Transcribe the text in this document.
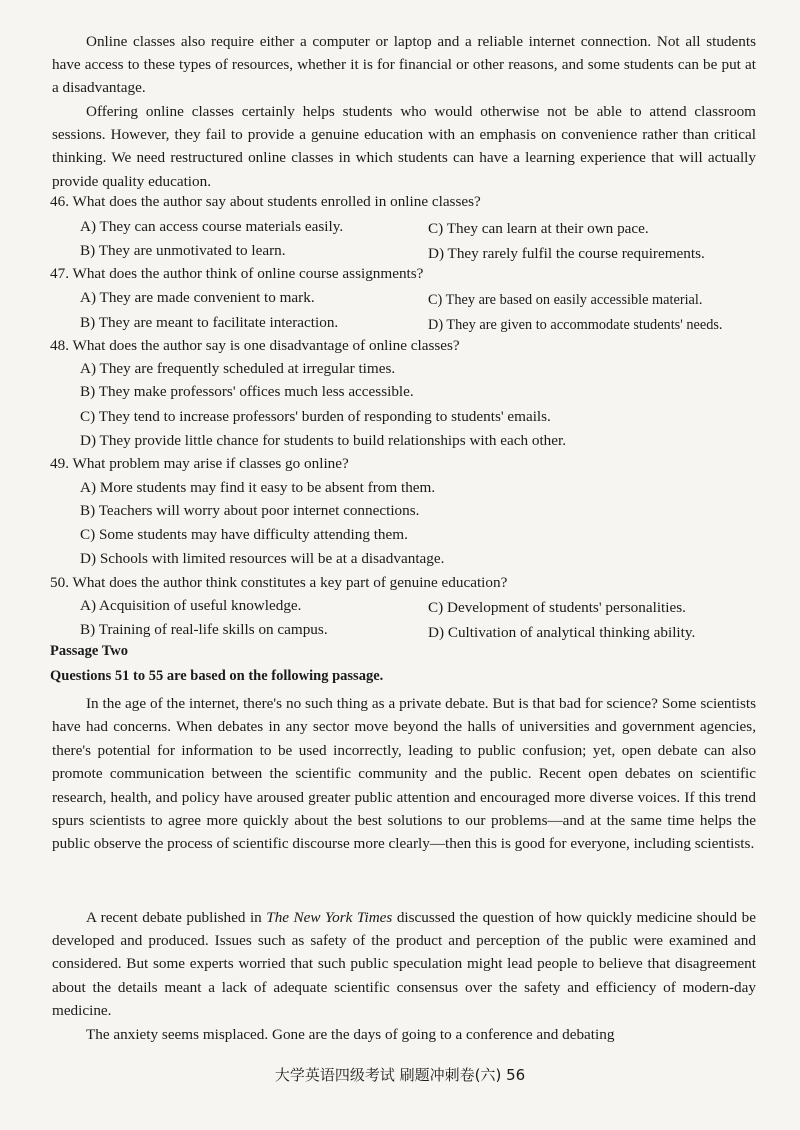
Online classes also require either a computer or laptop and a reliable internet connection. Not all students have access to these types of resources, whether it is for financial or other reasons, and some students can be put at a disadvantage.

Offering online classes certainly helps students who would otherwise not be able to attend classroom sessions. However, they fail to provide a genuine education with an emphasis on convenience rather than critical thinking. We need restructured online classes in which students can have a learning experience that will actually provide quality education.

46. What does the author say about students enrolled in online classes?
A) They can access course materials easily.
B) They are unmotivated to learn.
C) They can learn at their own pace.
D) They rarely fulfil the course requirements.
47. What does the author think of online course assignments?
A) They are made convenient to mark.
B) They are meant to facilitate interaction.
C) They are based on easily accessible material.
D) They are given to accommodate students' needs.
48. What does the author say is one disadvantage of online classes?
A) They are frequently scheduled at irregular times.
B) They make professors' offices much less accessible.
C) They tend to increase professors' burden of responding to students' emails.
D) They provide little chance for students to build relationships with each other.
49. What problem may arise if classes go online?
A) More students may find it easy to be absent from them.
B) Teachers will worry about poor internet connections.
C) Some students may have difficulty attending them.
D) Schools with limited resources will be at a disadvantage.
50. What does the author think constitutes a key part of genuine education?
A) Acquisition of useful knowledge.
B) Training of real-life skills on campus.
C) Development of students' personalities.
D) Cultivation of analytical thinking ability.
Passage Two
Questions 51 to 55 are based on the following passage.

In the age of the internet, there's no such thing as a private debate. But is that bad for science? Some scientists have had concerns. When debates in any sector move beyond the halls of universities and government agencies, there's potential for information to be used incorrectly, leading to public confusion; yet, open debate can also promote communication between the scientific community and the public. Recent open debates on scientific research, health, and policy have aroused greater public attention and encouraged more diverse voices. If this trend spurs scientists to agree more quickly about the best solutions to our problems—and at the same time helps the public observe the process of scientific discourse more clearly—then this is good for everyone, including scientists.

A recent debate published in The New York Times discussed the question of how quickly medicine should be developed and produced. Issues such as safety of the product and perception of the public were examined and considered. But some experts worried that such public speculation might lead people to believe that disagreement about the details meant a lack of adequate scientific consensus over the safety and efficiency of modern-day medicine.

The anxiety seems misplaced. Gone are the days of going to a conference and debating

大学英语四级考试 刷题冲刺卷(六) 56
